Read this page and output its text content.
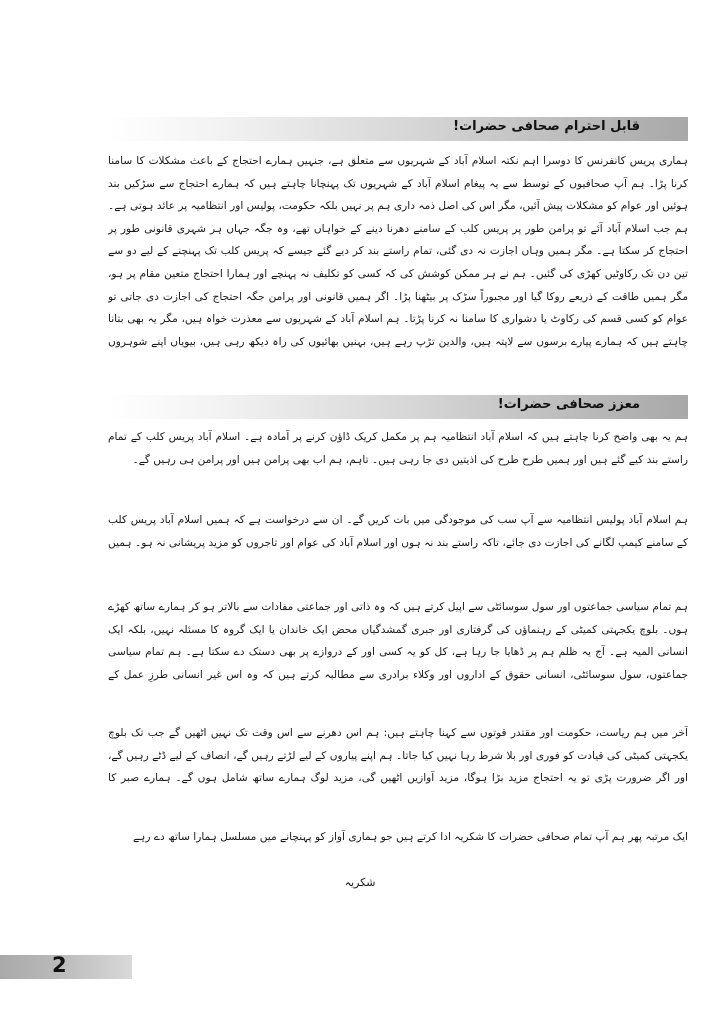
قابل احترام صحافی حضرات!
ہماری پریس کانفرنس کا دوسرا اہم نکتہ اسلام آباد کے شہریوں سے متعلق ہے، جنہیں ہمارے احتجاج کے باعث مشکلات کا سامنا کرنا پڑا۔ ہم آپ صحافیوں کے توسط سے یہ پیغام اسلام آباد کے شہریوں تک پہنچانا چاہتے ہیں کہ ہمارے احتجاج سے سڑکیں بند ہوئیں اور عوام کو مشکلات پیش آئیں، مگر اس کی اصل ذمہ داری ہم پر نہیں بلکہ حکومت، پولیس اور انتظامیہ پر عائد ہوتی ہے۔ ہم جب اسلام آباد آئے تو پرامن طور پر پریس کلب کے سامنے دھرنا دینے کے خواہاں تھے، وہ جگہ جہاں ہر شہری قانونی طور پر احتجاج کر سکتا ہے۔ مگر ہمیں وہاں اجازت نہ دی گئی، تمام راستے بند کر دیے گئے جیسے کہ پریس کلب تک پہنچنے کے لیے دو سے تین دن تک رکاوٹیں کھڑی کی گئیں۔ ہم نے ہر ممکن کوشش کی کہ کسی کو تکلیف نہ پہنچے اور ہمارا احتجاج متعین مقام پر ہو، مگر ہمیں طاقت کے ذریعے روکا گیا اور مجبوراً سڑک پر بیٹھنا پڑا۔ اگر ہمیں قانونی اور پرامن جگہ احتجاج کی اجازت دی جاتی تو عوام کو کسی قسم کی رکاوٹ یا دشواری کا سامنا نہ کرنا پڑتا۔ ہم اسلام آباد کے شہریوں سے معذرت خواہ ہیں، مگر یہ بھی بتانا چاہتے ہیں کہ ہمارے پیارے برسوں سے لاپتہ ہیں، والدین تڑپ رہے ہیں، بہنیں بھائیوں کی راہ دیکھ رہی ہیں، بیویاں اپنے شوہروں
معزز صحافی حضرات!
ہم یہ بھی واضح کرنا چاہتے ہیں کہ اسلام آباد انتظامیہ ہم پر مکمل کریک ڈاؤن کرنے پر آمادہ ہے۔ اسلام آباد پریس کلب کے تمام راستے بند کیے گئے ہیں اور ہمیں طرح طرح کی اذیتیں دی جا رہی ہیں۔ تاہم، ہم اب بھی پرامن ہیں اور پرامن ہی رہیں گے۔
ہم اسلام آباد پولیس انتظامیہ سے آپ سب کی موجودگی میں بات کریں گے۔ ان سے درخواست ہے کہ ہمیں اسلام آباد پریس کلب کے سامنے کیمپ لگانے کی اجازت دی جائے، تاکہ راستے بند نہ ہوں اور اسلام آباد کی عوام اور تاجروں کو مزید پریشانی نہ ہو۔ ہمیں
ہم تمام سیاسی جماعتوں اور سول سوسائٹی سے اپیل کرتے ہیں کہ وہ ذاتی اور جماعتی مفادات سے بالاتر ہو کر ہمارے ساتھ کھڑے ہوں۔ بلوچ یکجہتی کمیٹی کے رہنماؤں کی گرفتاری اور جبری گمشدگیاں محض ایک خاندان یا ایک گروہ کا مسئلہ نہیں، بلکہ ایک انسانی المیہ ہے۔ آج یہ ظلم ہم پر ڈھایا جا رہا ہے، کل کو یہ کسی اور کے دروازے پر بھی دستک دے سکتا ہے۔ ہم تمام سیاسی جماعتوں، سول سوسائٹی، انسانی حقوق کے اداروں اور وکلاء برادری سے مطالبہ کرتے ہیں کہ وہ اس غیر انسانی طرزِ عمل کے
آخر میں ہم ریاست، حکومت اور مقتدر قوتوں سے کہنا چاہتے ہیں: ہم اس دھرنے سے اس وقت تک نہیں اٹھیں گے جب تک بلوچ یکجہتی کمیٹی کی قیادت کو فوری اور بلا شرط رہا نہیں کیا جاتا۔ ہم اپنے پیاروں کے لیے لڑتے رہیں گے، انصاف کے لیے ڈٹے رہیں گے، اور اگر ضرورت پڑی تو یہ احتجاج مزید بڑا ہوگا، مزید آوازیں اٹھیں گی، مزید لوگ ہمارے ساتھ شامل ہوں گے۔ ہمارے صبر کا
ایک مرتبہ پھر ہم آپ تمام صحافی حضرات کا شکریہ ادا کرتے ہیں جو ہماری آواز کو پہنچانے میں مسلسل ہمارا ساتھ دے رہے
شکریہ
2
